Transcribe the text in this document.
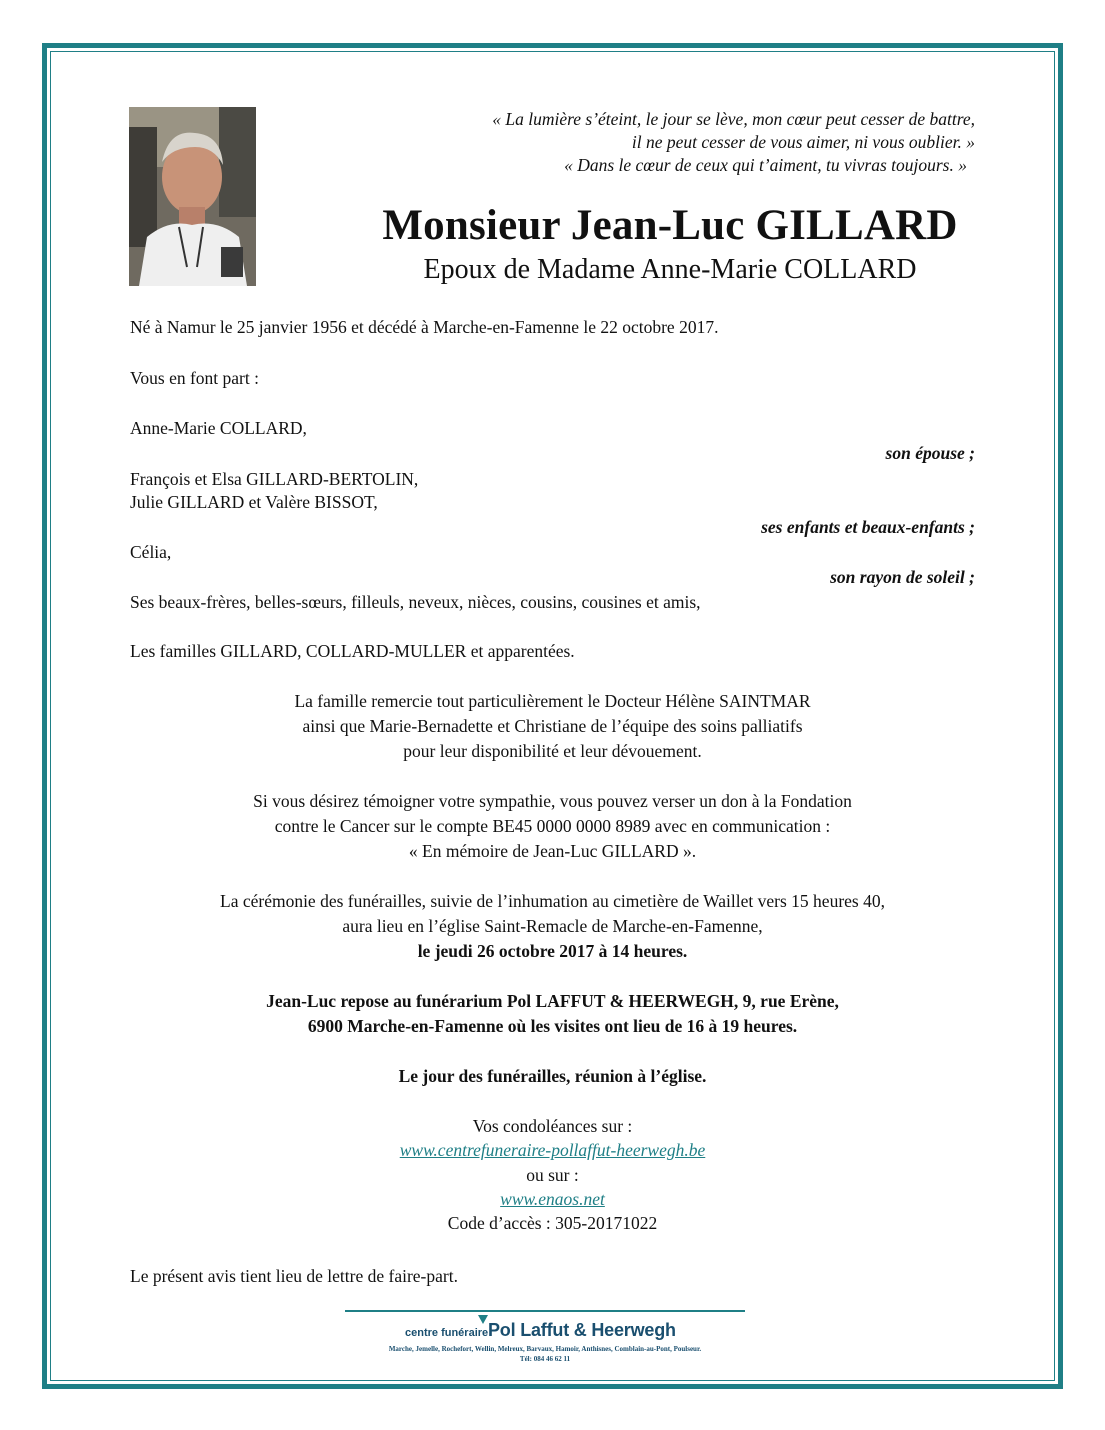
« La lumière s’éteint, le jour se lève, mon cœur peut cesser de battre,
il ne peut cesser de vous aimer, ni vous oublier. »
« Dans le cœur de ceux qui t’aiment, tu vivras toujours. »
Monsieur Jean-Luc GILLARD
Epoux de Madame Anne-Marie COLLARD
Né à Namur le 25 janvier 1956 et décédé à Marche-en-Famenne le 22 octobre 2017.
Vous en font part :
Anne-Marie COLLARD,
son épouse ;
François et Elsa GILLARD-BERTOLIN,
Julie GILLARD et Valère BISSOT,
ses enfants et beaux-enfants ;
Célia,
son rayon de soleil ;
Ses beaux-frères, belles-sœurs, filleuls, neveux, nièces, cousins, cousines et amis,
Les familles GILLARD, COLLARD-MULLER et apparentées.
La famille remercie tout particulièrement le Docteur Hélène SAINTMAR
ainsi que Marie-Bernadette et Christiane de l’équipe des soins palliatifs
pour leur disponibilité et leur dévouement.
Si vous désirez témoigner votre sympathie, vous pouvez verser un don à la Fondation
contre le Cancer sur le compte BE45 0000 0000 8989 avec en communication :
« En mémoire de Jean-Luc GILLARD ».
La cérémonie des funérailles, suivie de l’inhumation au cimetière de Waillet vers 15 heures 40,
aura lieu en l’église Saint-Remacle de Marche-en-Famenne,
le jeudi 26 octobre 2017 à 14 heures.
Jean-Luc repose au funérarium Pol LAFFUT & HEERWEGH, 9, rue Erène,
6900 Marche-en-Famenne où les visites ont lieu de 16 à 19 heures.
Le jour des funérailles, réunion à l’église.
Vos condoléances sur :
www.centrefuneraire-pollaffut-heerwegh.be
ou sur :
www.enaos.net
Code d’accès : 305-20171022
Le présent avis tient lieu de lettre de faire-part.
centre funéraire Pol Laffut & Heerwegh
Marche, Jemelle, Rochefort, Wellin, Melreux, Barvaux, Hamoir, Anthisnes, Comblain-au-Pont, Poulseur.
Tél: 084 46 62 11
